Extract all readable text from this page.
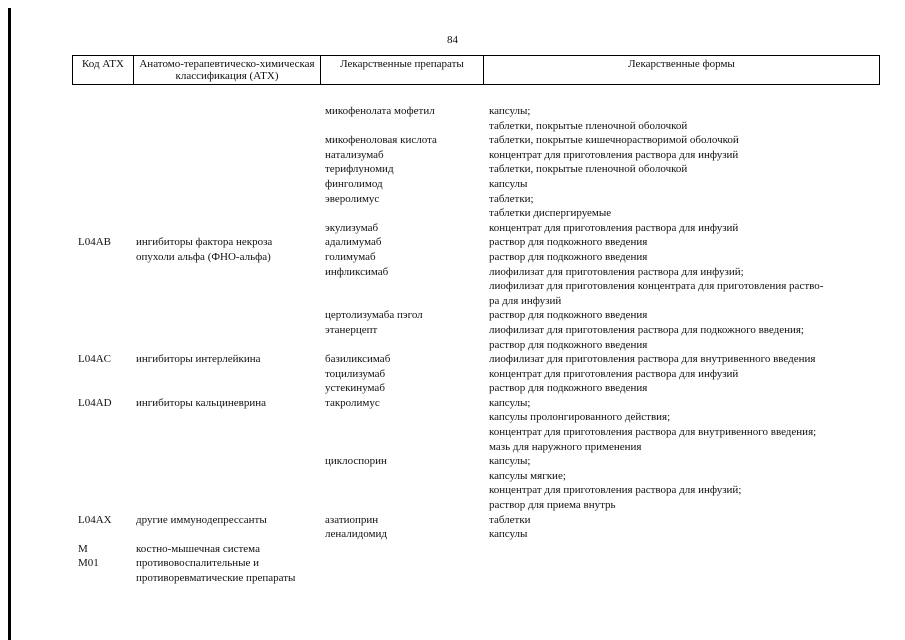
84
Код АТХ	Анатомо-терапевтическо-химическая классификация (АТХ)	Лекарственные препараты	Лекарственные формы
микофенолата мофетил	капсулы;
таблетки, покрытые пленочной оболочкой
микофеноловая кислота	таблетки, покрытые кишечнорастворимой оболочкой
натализумаб	концентрат для приготовления раствора для инфузий
терифлуномид	таблетки, покрытые пленочной оболочкой
финголимод	капсулы
эверолимус	таблетки;
таблетки диспергируемые
экулизумаб	концентрат для приготовления раствора для инфузий
L04AB	ингибиторы фактора некроза	адалимумаб	раствор для подкожного введения
опухоли альфа (ФНО-альфа)	голимумаб	раствор для подкожного введения
инфликсимаб	лиофилизат для приготовления раствора для инфузий;
лиофилизат для приготовления концентрата для приготовления раство-
ра для инфузий
цертолизумаба пэгол	раствор для подкожного введения
этанерцепт	лиофилизат для приготовления раствора для подкожного введения;
раствор для подкожного введения
L04AC	ингибиторы интерлейкина	базиликсимаб	лиофилизат для приготовления раствора для внутривенного введения
тоцилизумаб	концентрат для приготовления раствора для инфузий
устекинумаб	раствор для подкожного введения
L04AD	ингибиторы кальциневрина	такролимус	капсулы;
капсулы пролонгированного действия;
концентрат для приготовления раствора для внутривенного введения;
мазь для наружного применения
циклоспорин	капсулы;
капсулы мягкие;
концентрат для приготовления раствора для инфузий;
раствор для приема внутрь
L04AX	другие иммунодепрессанты	азатиоприн	таблетки
леналидомид	капсулы
M	костно-мышечная система
M01	противовоспалительные и противоревматические препараты
